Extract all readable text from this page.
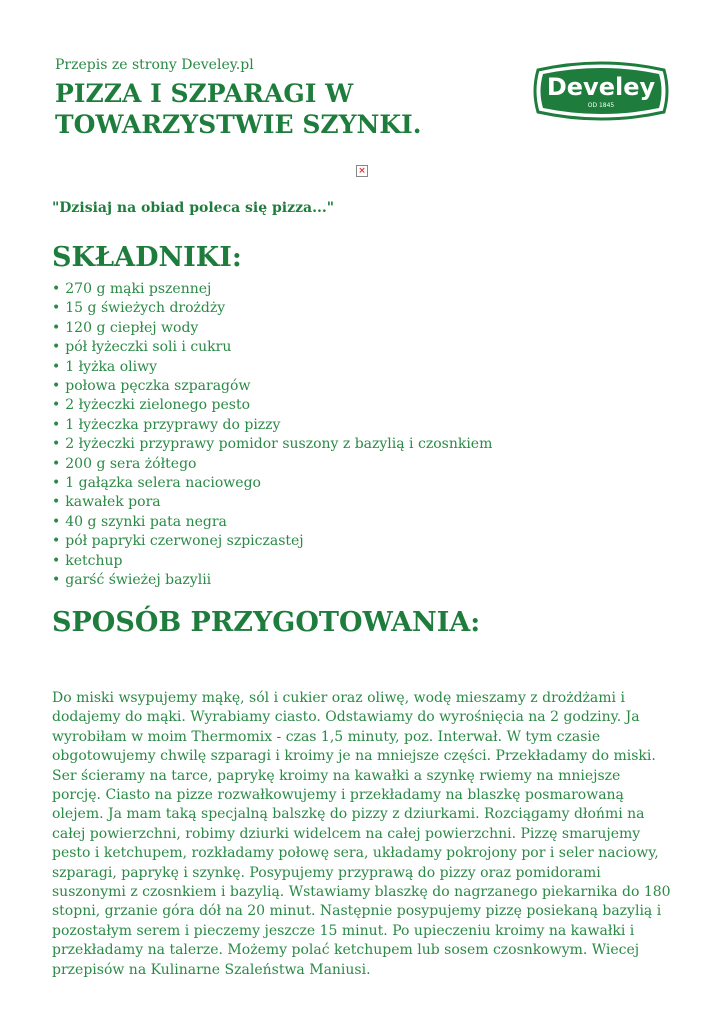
Przepis ze strony Develey.pl
PIZZA I SZPARAGI W TOWARZYSTWIE SZYNKI.
Develey
OD 1845
×
"Dzisiaj na obiad poleca się pizza..."
SKŁADNIKI:
• 270 g mąki pszennej
• 15 g świeżych drożdży
• 120 g ciepłej wody
• pół łyżeczki soli i cukru
• 1 łyżka oliwy
• połowa pęczka szparagów
• 2 łyżeczki zielonego pesto
• 1 łyżeczka przyprawy do pizzy
• 2 łyżeczki przyprawy pomidor suszony z bazylią i czosnkiem
• 200 g sera żółtego
• 1 gałązka selera naciowego
• kawałek pora
• 40 g szynki pata negra
• pół papryki czerwonej szpiczastej
• ketchup
• garść świeżej bazylii
SPOSÓB PRZYGOTOWANIA:

Do miski wsypujemy mąkę, sól i cukier oraz oliwę, wodę mieszamy z drożdżami i dodajemy do mąki. Wyrabiamy ciasto. Odstawiamy do wyrośnięcia na 2 godziny. Ja wyrobiłam w moim Thermomix - czas 1,5 minuty, poz. Interwał. W tym czasie obgotowujemy chwilę szparagi i kroimy je na mniejsze części. Przekładamy do miski. Ser ścieramy na tarce, paprykę kroimy na kawałki a szynkę rwiemy na mniejsze porcję. Ciasto na pizze rozwałkowujemy i przekładamy na blaszkę posmarowaną olejem. Ja mam taką specjalną balszkę do pizzy z dziurkami. Rozciągamy dłońmi na całej powierzchni, robimy dziurki widelcem na całej powierzchni. Pizzę smarujemy pesto i ketchupem, rozkładamy połowę sera, układamy pokrojony por i seler naciowy, szparagi, paprykę i szynkę. Posypujemy przyprawą do pizzy oraz pomidorami suszonymi z czosnkiem i bazylią. Wstawiamy blaszkę do nagrzanego piekarnika do 180 stopni, grzanie góra dół na 20 minut. Następnie posypujemy pizzę posiekaną bazylią i pozostałym serem i pieczemy jeszcze 15 minut. Po upieczeniu kroimy na kawałki i przekładamy na talerze. Możemy polać ketchupem lub sosem czosnkowym. Wiecej przepisów na Kulinarne Szaleństwa Maniusi.
